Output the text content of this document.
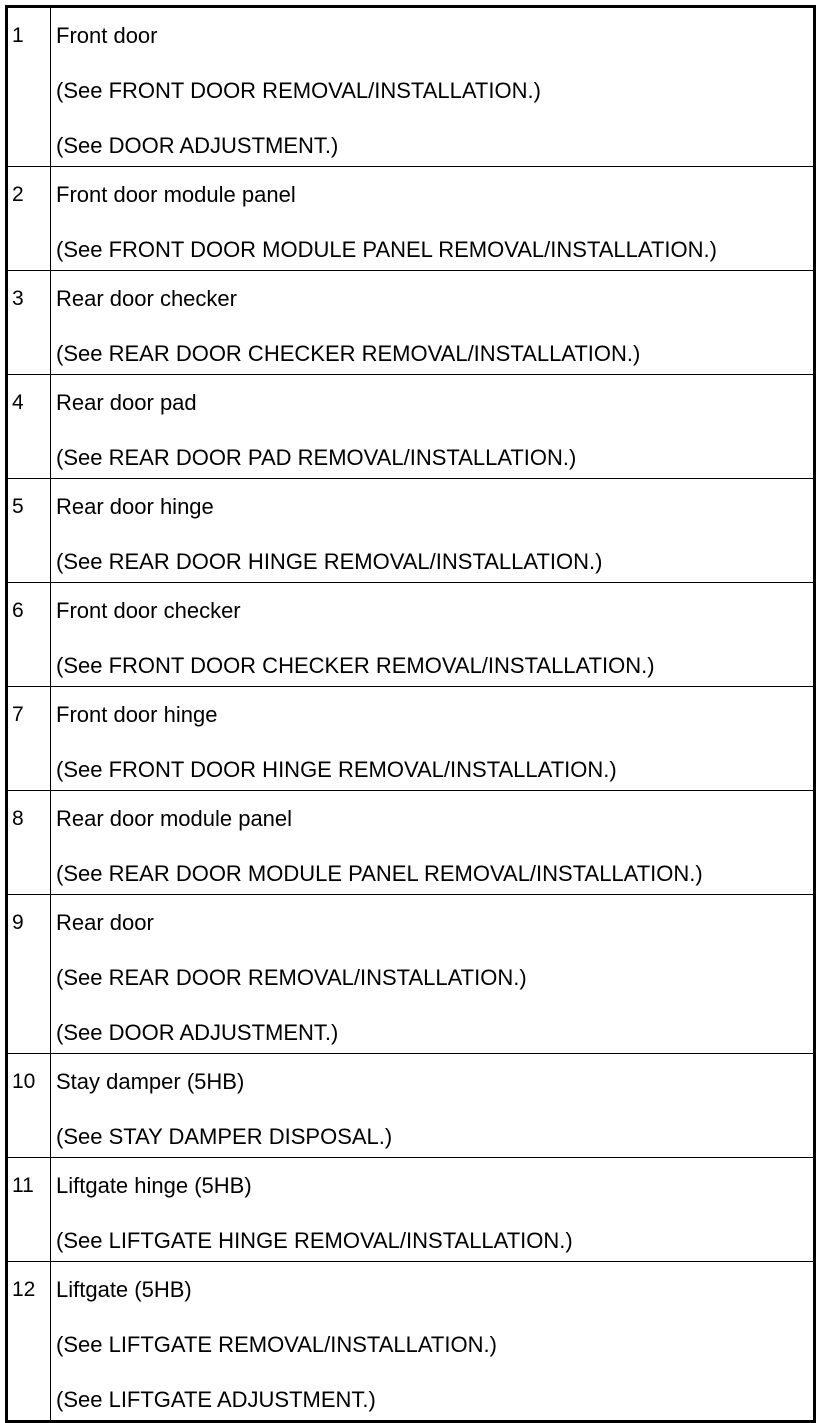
1	Front door
(See FRONT DOOR REMOVAL/INSTALLATION.)
(See DOOR ADJUSTMENT.)

2	Front door module panel
(See FRONT DOOR MODULE PANEL REMOVAL/INSTALLATION.)

3	Rear door checker
(See REAR DOOR CHECKER REMOVAL/INSTALLATION.)

4	Rear door pad
(See REAR DOOR PAD REMOVAL/INSTALLATION.)

5	Rear door hinge
(See REAR DOOR HINGE REMOVAL/INSTALLATION.)

6	Front door checker
(See FRONT DOOR CHECKER REMOVAL/INSTALLATION.)

7	Front door hinge
(See FRONT DOOR HINGE REMOVAL/INSTALLATION.)

8	Rear door module panel
(See REAR DOOR MODULE PANEL REMOVAL/INSTALLATION.)

9	Rear door
(See REAR DOOR REMOVAL/INSTALLATION.)
(See DOOR ADJUSTMENT.)

10	Stay damper (5HB)
(See STAY DAMPER DISPOSAL.)

11	Liftgate hinge (5HB)
(See LIFTGATE HINGE REMOVAL/INSTALLATION.)

12	Liftgate (5HB)
(See LIFTGATE REMOVAL/INSTALLATION.)
(See LIFTGATE ADJUSTMENT.)
